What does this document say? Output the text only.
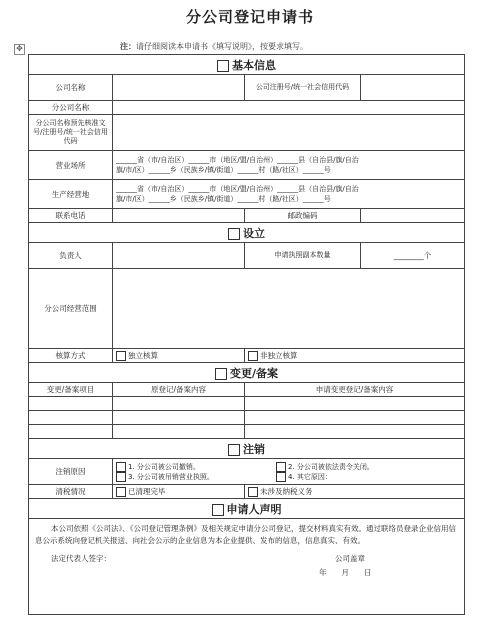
分公司登记申请书
✥	注：请仔细阅读本申请书《填写说明》，按要求填写。
基本信息			
公司名称		公司注册号/统一社会信用代码	
分公司名称			
分公司名称预先核准文号/注册号/统一社会信用代码			
营业场所	______省（市/自治区）______市（地区/盟/自治州）______县（自治县/旗/自治
旗/市/区）______乡（民族乡/镇/街道）______村（路/社区）______号		

生产经营地	______省（市/自治区）______市（地区/盟/自治州）______县（自治县/旗/自治
旗/市/区）______乡（民族乡/镇/街道）______村（路/社区）______号		

联系电话		邮政编码	
设立			
负责人		申请执照副本数量	________个
分公司经营范围			
核算方式	独立核算	非独立核算	
变更/备案			
变更/备案项目	原登记/备案内容	申请变更登记/备案内容	

注销			
注销原因	1. 分公司被公司撤销。 2. 分公司被依法责令关闭。
3. 分公司被吊销营业执照。 4. 其它原因：		

清税情况	已清理完毕	未涉及纳税义务	
申请人声明			

本公司依照《公司法》、《公司登记管理条例》及相关规定申请分公司登记，提交材料真实有效。通过联络员登录企业信用信息公示系统向登记机关报送、向社会公示的企业信息为本企业提供、发布的信息，信息真实、有效。
法定代表人签字： 公司盖章
年　　月　　日			
